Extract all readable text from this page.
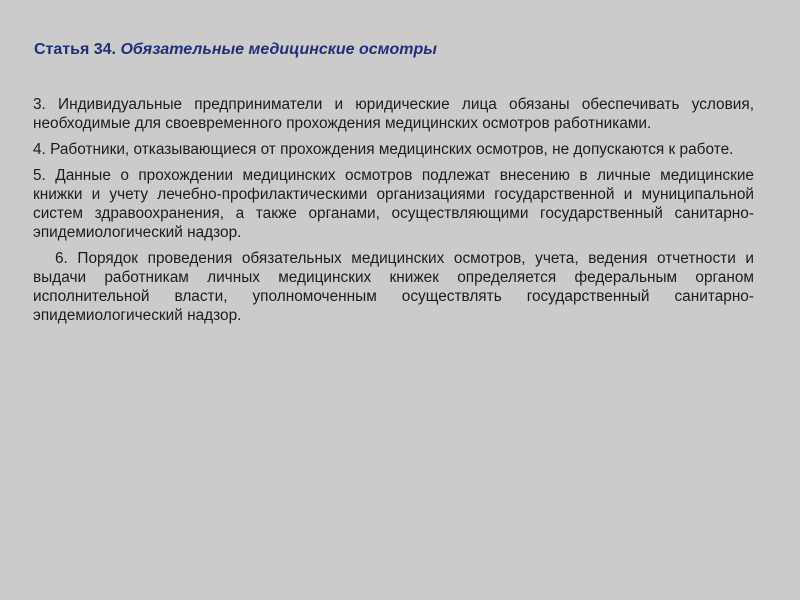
Статья 34. Обязательные медицинские осмотры

3. Индивидуальные предприниматели и юридические лица обязаны обеспечивать условия, необходимые для своевременного прохождения медицинских осмотров работниками.

4. Работники, отказывающиеся от прохождения медицинских осмотров, не допускаются к работе.

5. Данные о прохождении медицинских осмотров подлежат внесению в личные медицинские книжки и учету лечебно-профилактическими организациями государственной и муниципальной систем здравоохранения, а также органами, осуществляющими государственный санитарно-эпидемиологический надзор.

6. Порядок проведения обязательных медицинских осмотров, учета, ведения отчетности и выдачи работникам личных медицинских книжек определяется федеральным органом исполнительной власти, уполномоченным осуществлять государственный санитарно-эпидемиологический надзор.
